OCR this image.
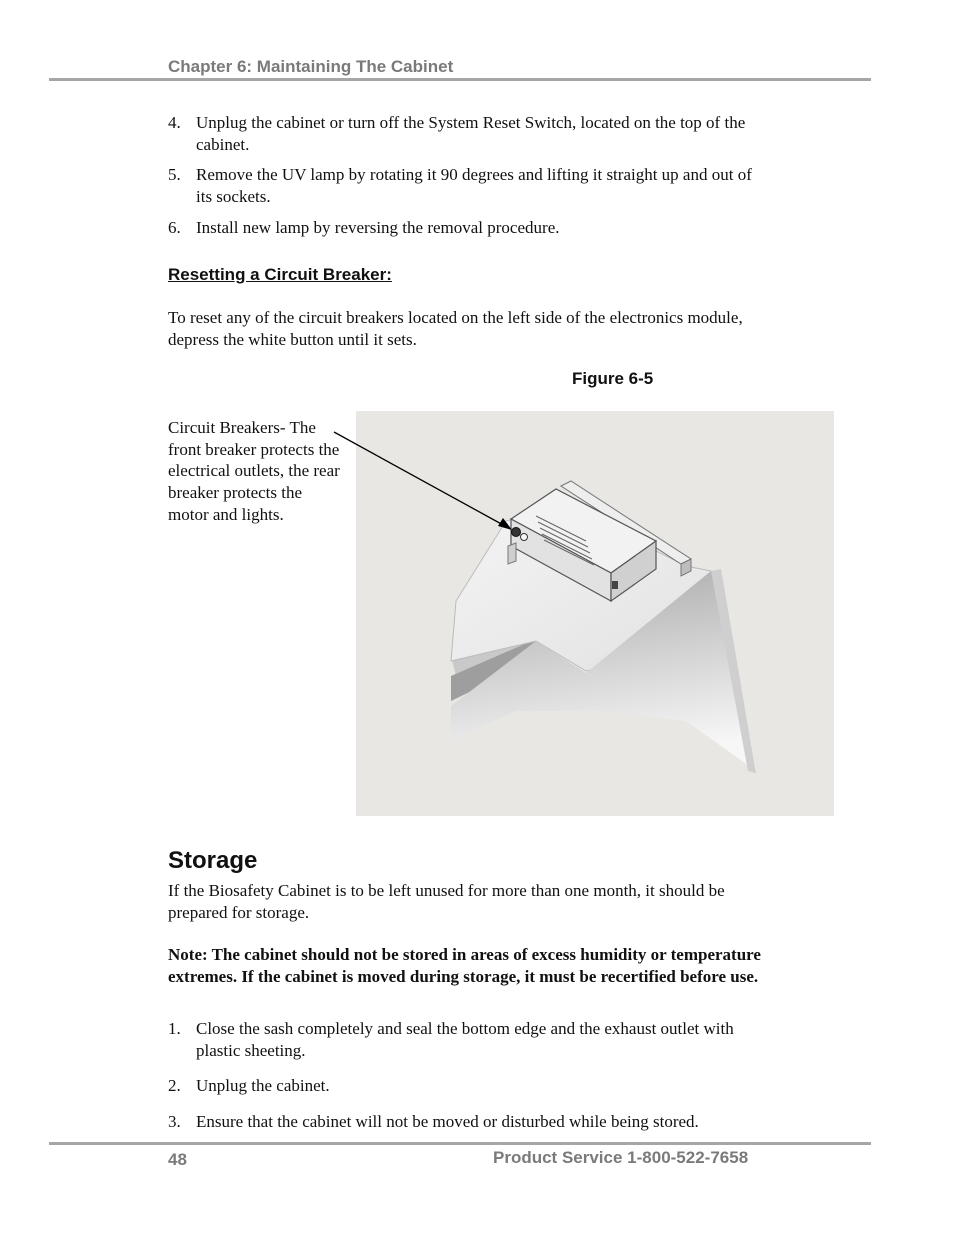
Chapter 6: Maintaining The Cabinet
4. Unplug the cabinet or turn off the System Reset Switch, located on the top of the cabinet.
5. Remove the UV lamp by rotating it 90 degrees and lifting it straight up and out of its sockets.
6. Install new lamp by reversing the removal procedure.
Resetting a Circuit Breaker:
To reset any of the circuit breakers located on the left side of the electronics module, depress the white button until it sets.
Figure 6-5
Circuit Breakers- The front breaker protects the electrical outlets, the rear breaker protects the motor and lights.
Storage
If the Biosafety Cabinet is to be left unused for more than one month, it should be prepared for storage.
Note: The cabinet should not be stored in areas of excess humidity or temperature extremes. If the cabinet is moved during storage, it must be recertified before use.
1. Close the sash completely and seal the bottom edge and the exhaust outlet with plastic sheeting.
2. Unplug the cabinet.
3. Ensure that the cabinet will not be moved or disturbed while being stored.
48	Product Service 1-800-522-7658
